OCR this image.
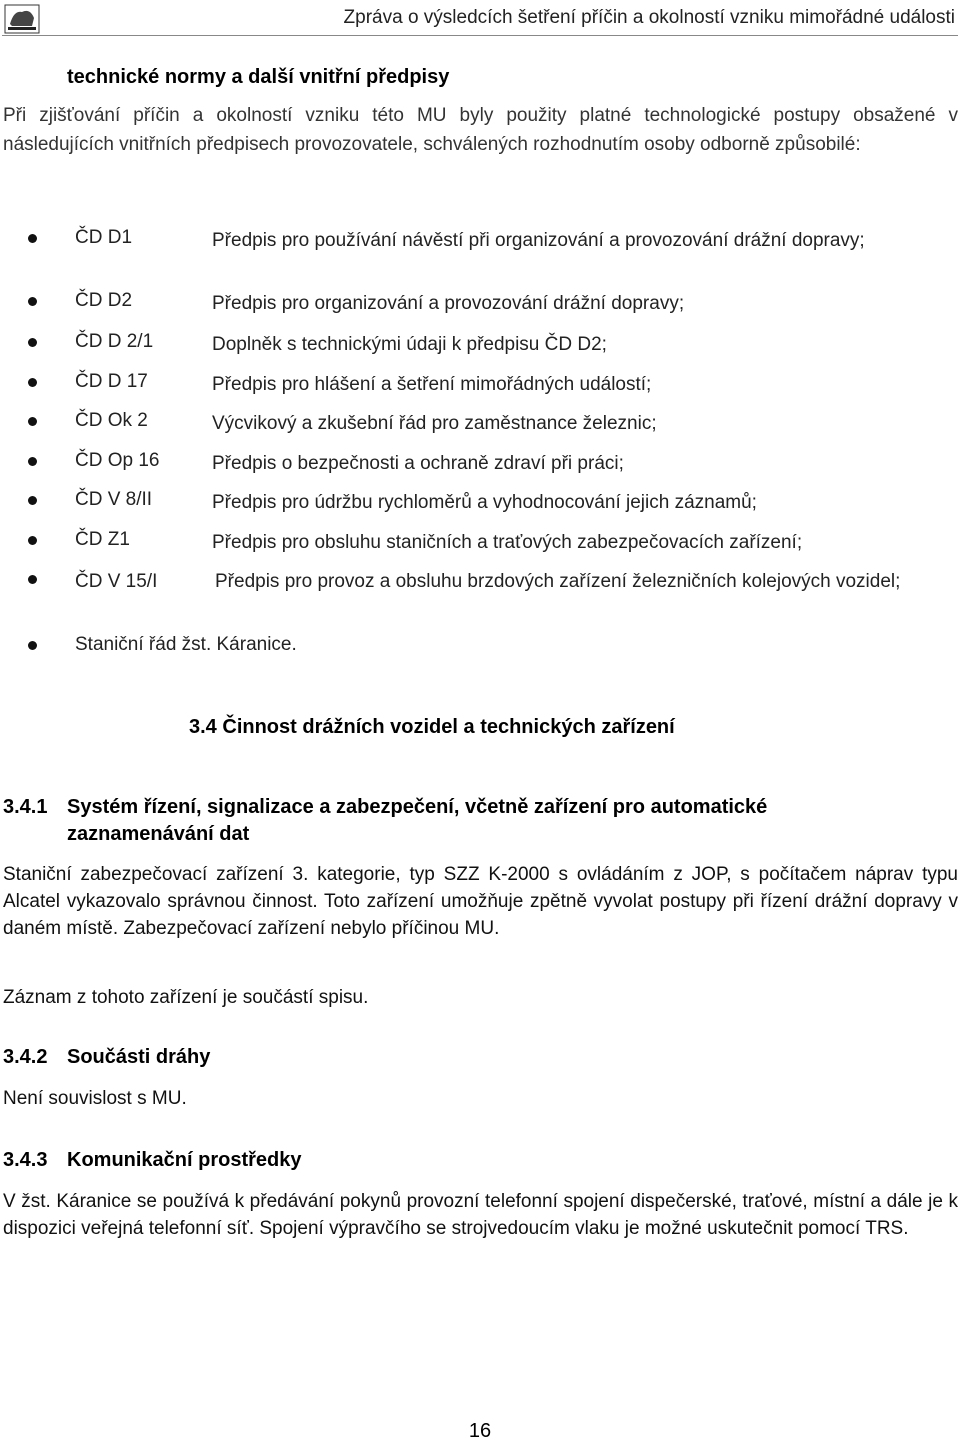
Zpráva o výsledcích šetření příčin a okolností vzniku mimořádné události
technické normy a další vnitřní předpisy
Při zjišťování příčin a okolností vzniku této MU byly použity platné technologické postupy obsažené v následujících vnitřních předpisech provozovatele, schválených rozhodnutím osoby odborně způsobilé:
ČD D1	Předpis pro používání návěstí při organizování a provozování drážní dopravy;
ČD D2	Předpis pro organizování a provozování drážní dopravy;
ČD D 2/1	Doplněk s technickými údaji k předpisu ČD D2;
ČD D 17	Předpis pro hlášení a šetření mimořádných událostí;
ČD Ok 2	Výcvikový a zkušební řád pro zaměstnance železnic;
ČD Op 16	Předpis o bezpečnosti a ochraně zdraví při práci;
ČD V 8/II	Předpis pro údržbu rychloměrů a vyhodnocování jejich záznamů;
ČD Z1	Předpis pro obsluhu staničních a traťových zabezpečovacích zařízení;
ČD V 15/I	Předpis pro provoz a obsluhu brzdových zařízení železničních kolejových vozidel;
Staniční řád žst. Káranice.
3.4 Činnost drážních vozidel a technických zařízení
3.4.1 Systém řízení, signalizace a zabezpečení, včetně zařízení pro automatické
zaznamenávání dat
Staniční zabezpečovací zařízení 3. kategorie, typ SZZ K-2000 s ovládáním z JOP, s počítačem náprav typu Alcatel vykazovalo správnou činnost. Toto zařízení umožňuje zpětně vyvolat postupy při řízení drážní dopravy v daném místě. Zabezpečovací zařízení nebylo příčinou MU.
Záznam z tohoto zařízení je součástí spisu.
3.4.2 Součásti dráhy
Není souvislost s MU.
3.4.3 Komunikační prostředky
V žst. Káranice se používá k předávání pokynů provozní telefonní spojení dispečerské, traťové, místní a dále je k dispozici veřejná telefonní síť. Spojení výpravčího se strojvedoucím vlaku je možné uskutečnit pomocí TRS.
16
